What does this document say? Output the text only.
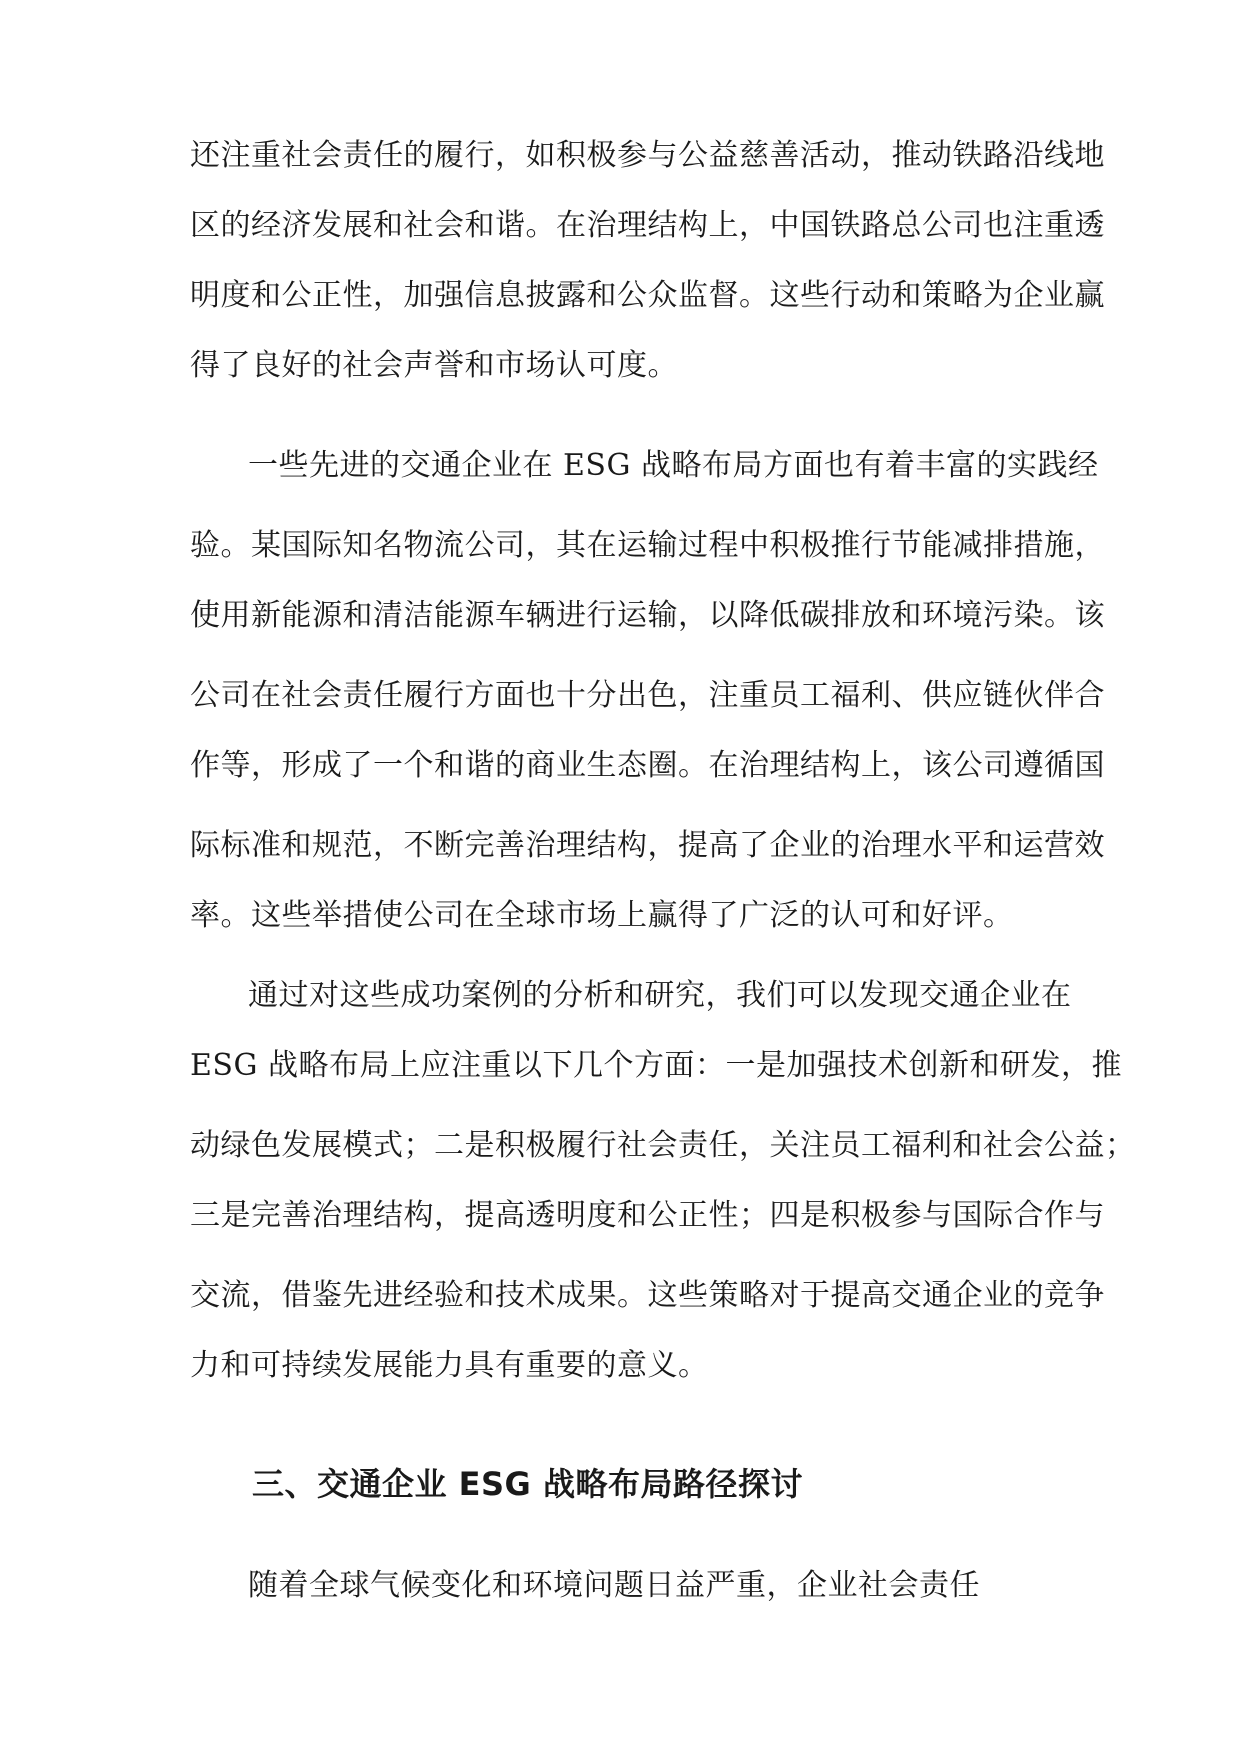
还注重社会责任的履行，如积极参与公益慈善活动，推动铁路沿线地
区的经济发展和社会和谐。在治理结构上，中国铁路总公司也注重透
明度和公正性，加强信息披露和公众监督。这些行动和策略为企业赢
得了良好的社会声誉和市场认可度。
一些先进的交通企业在 ESG 战略布局方面也有着丰富的实践经
验。某国际知名物流公司，其在运输过程中积极推行节能减排措施，
使用新能源和清洁能源车辆进行运输，以降低碳排放和环境污染。该
公司在社会责任履行方面也十分出色，注重员工福利、供应链伙伴合
作等，形成了一个和谐的商业生态圈。在治理结构上，该公司遵循国
际标准和规范，不断完善治理结构，提高了企业的治理水平和运营效
率。这些举措使公司在全球市场上赢得了广泛的认可和好评。
通过对这些成功案例的分析和研究，我们可以发现交通企业在
ESG 战略布局上应注重以下几个方面：一是加强技术创新和研发，推
动绿色发展模式；二是积极履行社会责任，关注员工福利和社会公益；
三是完善治理结构，提高透明度和公正性；四是积极参与国际合作与
交流，借鉴先进经验和技术成果。这些策略对于提高交通企业的竞争
力和可持续发展能力具有重要的意义。
三、交通企业 ESG 战略布局路径探讨
随着全球气候变化和环境问题日益严重，企业社会责任
